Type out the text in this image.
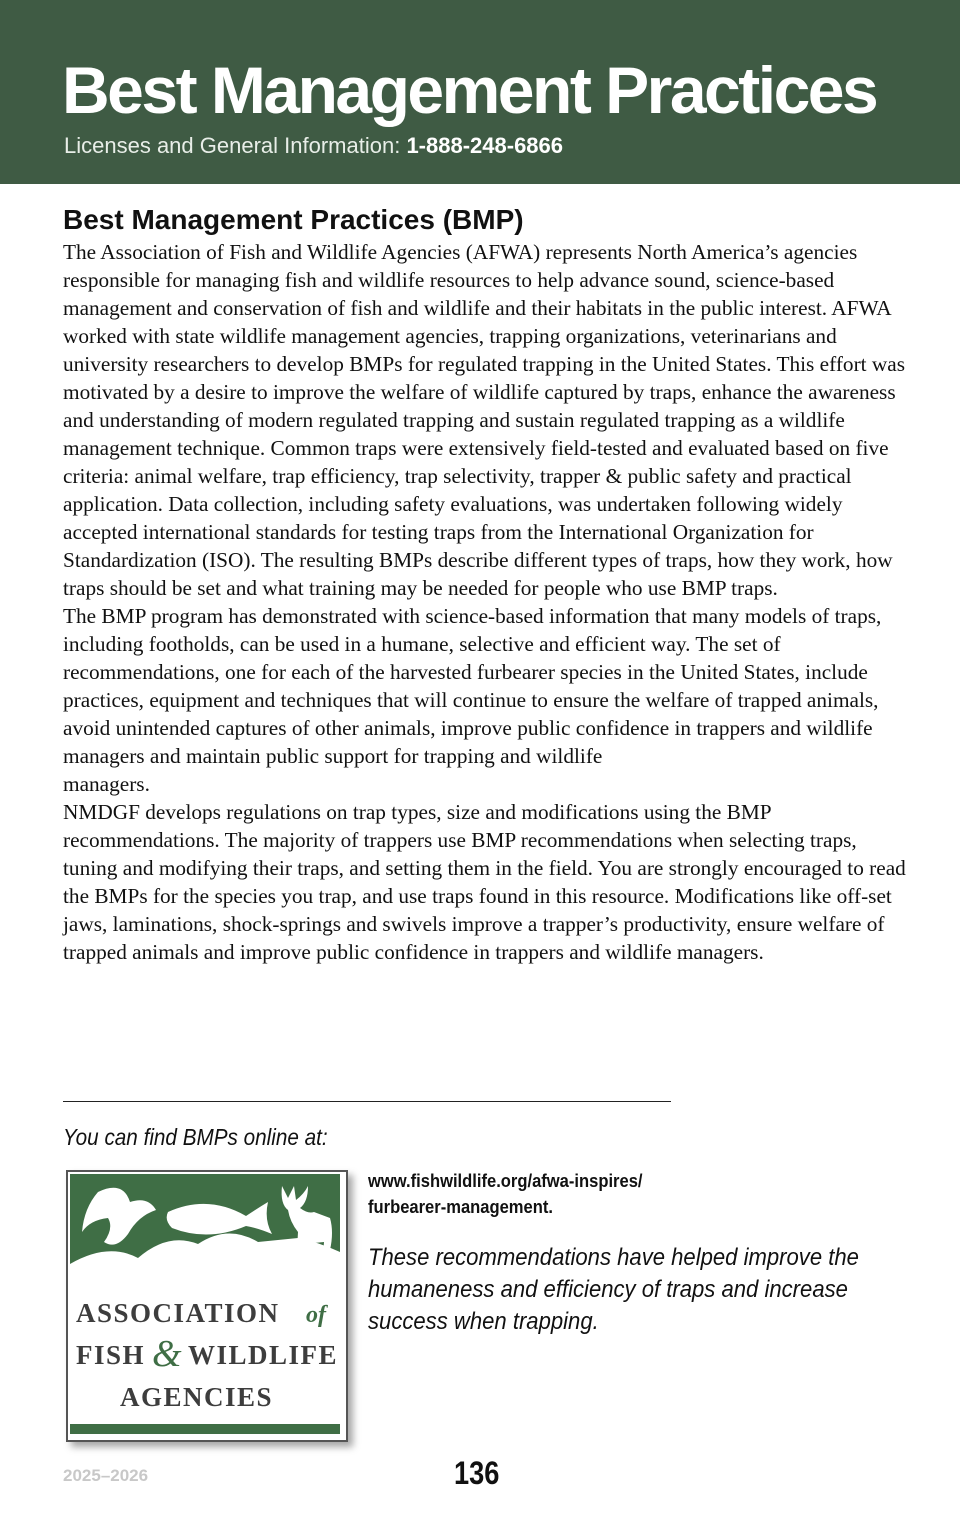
Best Management Practices
Licenses and General Information: 1-888-248-6866
Best Management Practices (BMP)

The Association of Fish and Wildlife Agencies (AFWA) represents North America’s agencies responsible for managing fish and wildlife resources to help advance sound, science-based management and conservation of fish and wildlife and their habitats in the public interest. AFWA worked with state wildlife management agencies, trapping organizations, veterinarians and university researchers to develop BMPs for regulated trapping in the United States. This effort was motivated by a desire to improve the welfare of wildlife captured by traps, enhance the awareness and understanding of modern regulated trapping and sustain regulated trapping as a wildlife management technique. Common traps were extensively field-tested and evaluated based on five criteria: animal welfare, trap efficiency, trap selectivity, trapper & public safety and practical application. Data collection, including safety evaluations, was undertaken following widely accepted international standards for testing traps from the International Organization for Standardization (ISO). The resulting BMPs describe different types of traps, how they work, how traps should be set and what training may be needed for people who use BMP traps.

The BMP program has demonstrated with science-based information that many models of traps, including footholds, can be used in a humane, selective and efficient way. The set of recommendations, one for each of the harvested furbearer species in the United States, include practices, equipment and techniques that will continue to ensure the welfare of trapped animals, avoid unintended captures of other animals, improve public confidence in trappers and wildlife managers and maintain public support for trapping and wildlife

managers.

NMDGF develops regulations on trap types, size and modifications using the BMP recommendations. The majority of trappers use BMP recommendations when selecting traps, tuning and modifying their traps, and setting them in the field. You are strongly encouraged to read the BMPs for the species you trap, and use traps found in this resource. Modifications like off-set jaws, laminations, shock-springs and swivels improve a trapper’s productivity, ensure welfare of trapped animals and improve public confidence in trappers and wildlife managers.

You can find BMPs online at:
ASSOCIATION of
FISH & WILDLIFE
AGENCIES
www.fishwildlife.org/afwa-inspires/
furbearer-management.
These recommendations have helped improve the humaneness and efficiency of traps and increase success when trapping.
2025–2026	136
